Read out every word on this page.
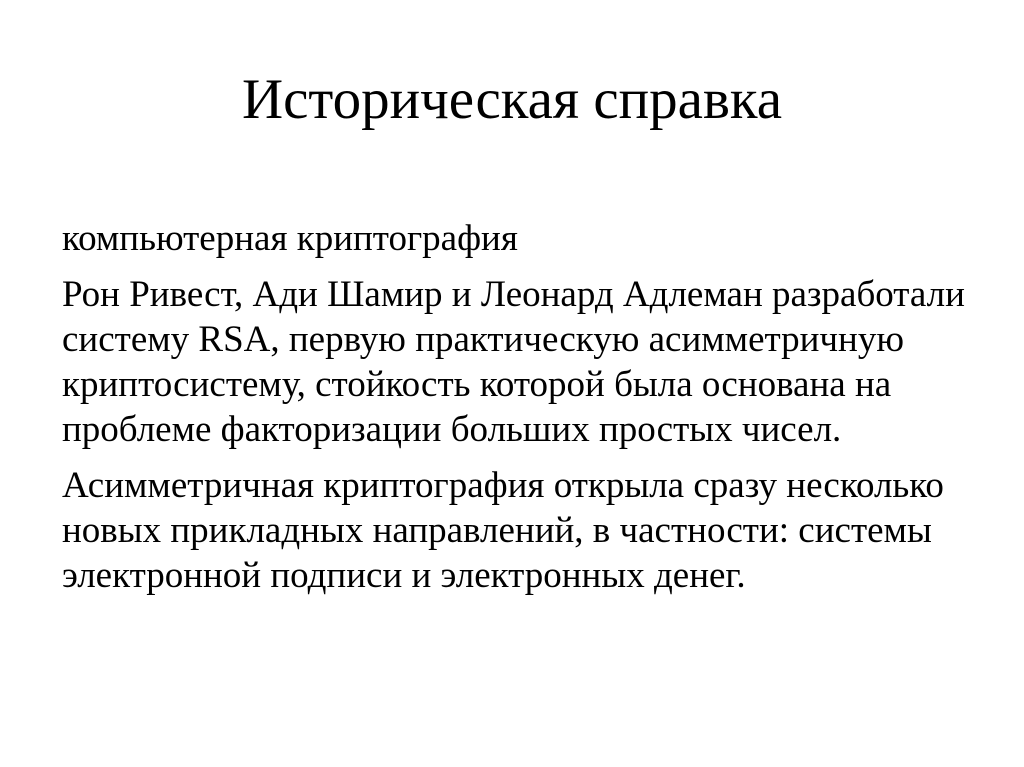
Историческая справка
компьютерная криптография
Рон Ривест, Ади Шамир и Леонард Адлеман разработали систему RSA, первую практическую асимметричную криптосистему, стойкость которой была основана на проблеме факторизации больших простых чисел.
Асимметричная криптография открыла сразу несколько новых прикладных направлений, в частности: системы электронной подписи и электронных денег.
